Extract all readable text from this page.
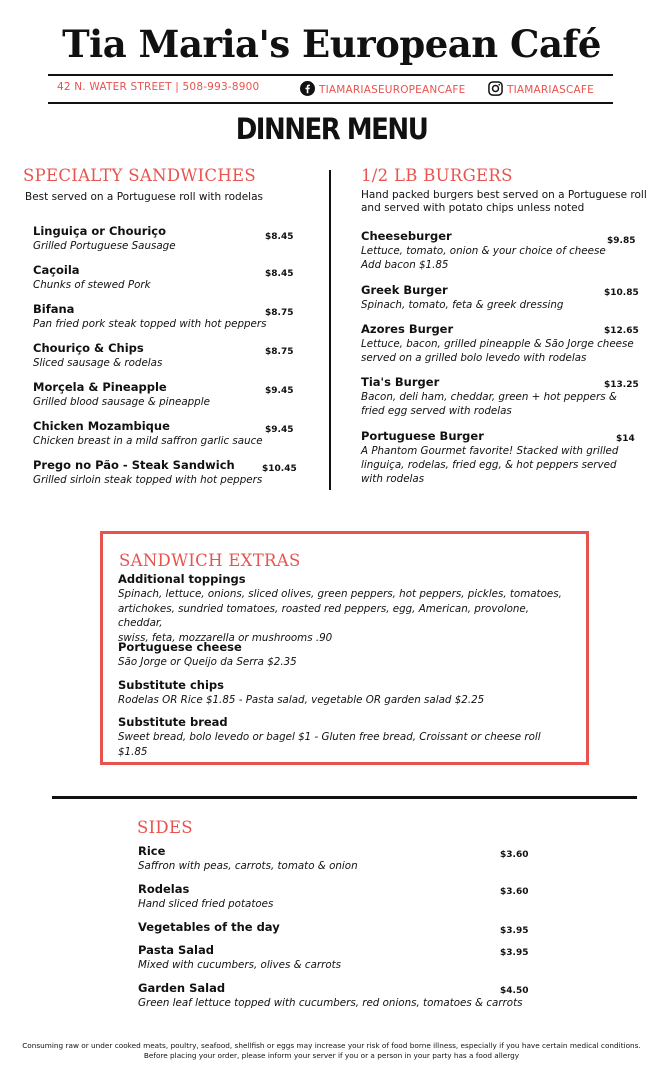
Tia Maria's European Café
42 N. WATER STREET | 508-993-8900	TIAMARIASEUROPEANCAFE	TIAMARIASCAFE
DINNER MENU
SPECIALTY SANDWICHES
Best served on a Portuguese roll with rodelas
Linguiça or Chouriço
Grilled Portuguese Sausage
$8.45
Caçoila
Chunks of stewed Pork
$8.45
Bifana
Pan fried pork steak topped with hot peppers
$8.75
Chouriço & Chips
Sliced sausage & rodelas
$8.75
Morçela & Pineapple
Grilled blood sausage & pineapple
$9.45
Chicken Mozambique
Chicken breast in a mild saffron garlic sauce
$9.45
Prego no Pão - Steak Sandwich
Grilled sirloin steak topped with hot peppers
$10.45
1/2 LB BURGERS
Hand packed burgers best served on a Portuguese roll
and served with potato chips unless noted
Cheeseburger
Lettuce, tomato, onion & your choice of cheese
Add bacon $1.85
$9.85
Greek Burger
Spinach, tomato, feta & greek dressing
$10.85
Azores Burger
Lettuce, bacon, grilled pineapple & São Jorge cheese
served on a grilled bolo levedo with rodelas
$12.65
Tia's Burger
Bacon, deli ham, cheddar, green + hot peppers &
fried egg served with rodelas
$13.25
Portuguese Burger
A Phantom Gourmet favorite! Stacked with grilled
linguiça, rodelas, fried egg, & hot peppers served
with rodelas
$14
SANDWICH EXTRAS
Additional toppings
Spinach, lettuce, onions, sliced olives, green peppers, hot peppers, pickles, tomatoes,
artichokes, sundried tomatoes, roasted red peppers, egg, American, provolone, cheddar,
swiss, feta, mozzarella or mushrooms .90
Portuguese cheese
São Jorge or Queijo da Serra $2.35
Substitute chips
Rodelas OR Rice $1.85 - Pasta salad, vegetable OR garden salad $2.25
Substitute bread
Sweet bread, bolo levedo or bagel $1 - Gluten free bread, Croissant or cheese roll $1.85
SIDES
Rice
Saffron with peas, carrots, tomato & onion
$3.60
Rodelas
Hand sliced fried potatoes
$3.60
Vegetables of the day	$3.95
Pasta Salad
Mixed with cucumbers, olives & carrots
$3.95
Garden Salad
Green leaf lettuce topped with cucumbers, red onions, tomatoes & carrots
$4.50
Consuming raw or under cooked meats, poultry, seafood, shellfish or eggs may increase your risk of food borne illness, especially if you have certain medical conditions.
Before placing your order, please inform your server if you or a person in your party has a food allergy
